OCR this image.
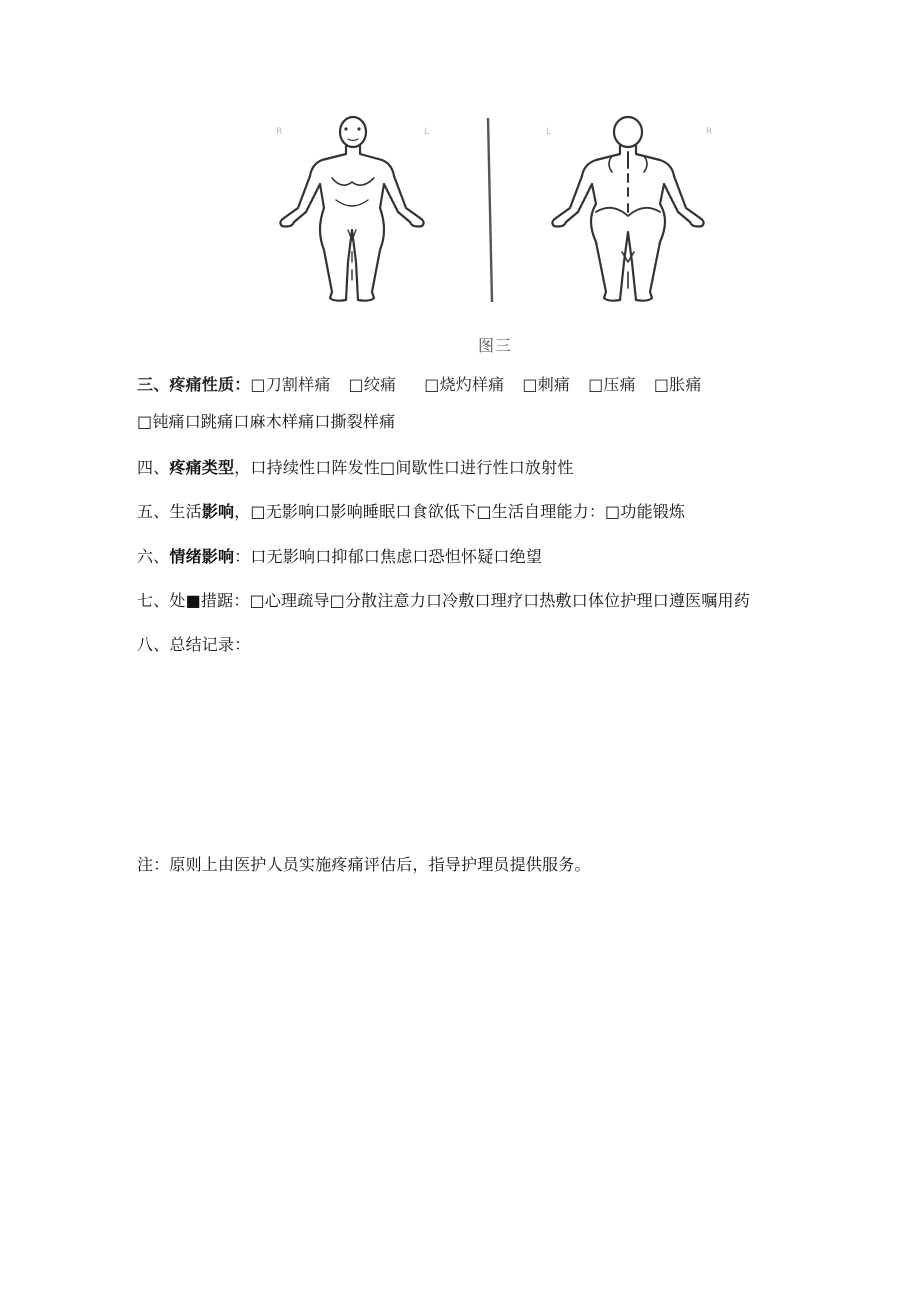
R	L	L	R
图三
三、疼痛性质：□刀割样痛 □绞痛 □烧灼样痛 □刺痛 □压痛 □胀痛
□钝痛口跳痛口麻木样痛口撕裂样痛
四、疼痛类型，口持续性口阵发性□间歇性口进行性口放射性
五、生活影响，□无影响口影响睡眠口食欲低下□生活自理能力：□功能锻炼
六、情绪影响：口无影响口抑郁口焦虑口恐怛怀疑口绝望
七、处■措踞：□心理疏导□分散注意力口冷敷口理疗口热敷口体位护理口遵医嘱用药
八、总结记录：
注：原则上由医护人员实施疼痛评估后，指导护理员提供服务。
